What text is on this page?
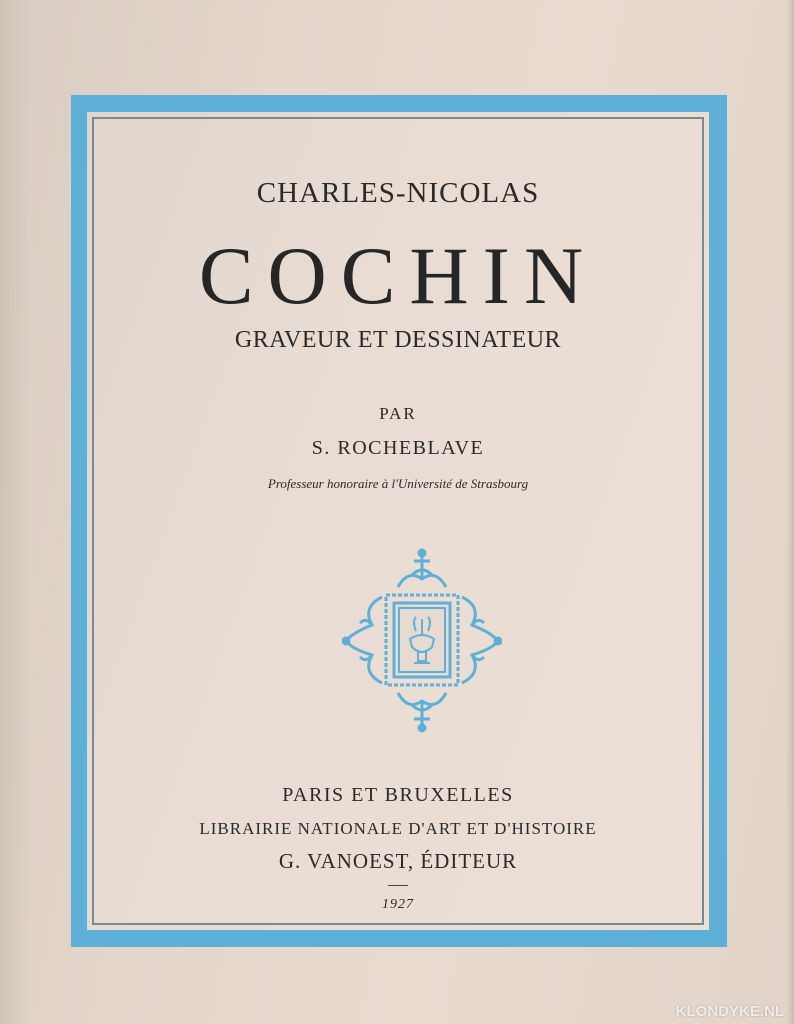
CHARLES-NICOLAS
COCHIN
GRAVEUR ET DESSINATEUR
PAR
S. ROCHEBLAVE
Professeur honoraire à l'Université de Strasbourg
PARIS ET BRUXELLES
LIBRAIRIE NATIONALE D'ART ET D'HISTOIRE
G. VANOEST, ÉDITEUR
1927
KLONDYKE.NL
